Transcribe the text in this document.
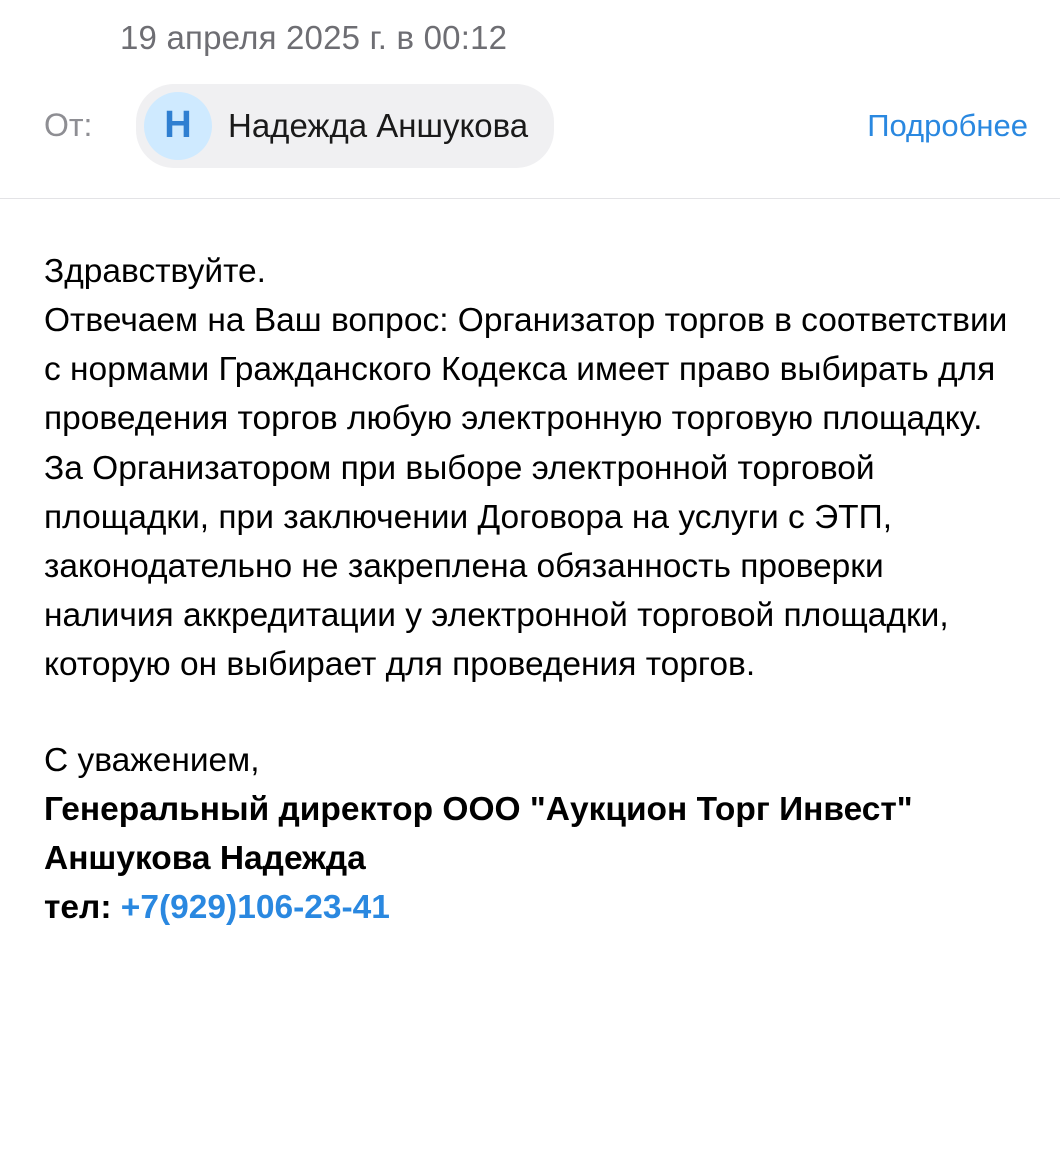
19 апреля 2025 г. в 00:12
От:	Н	Надежда Аншукова	Подробнее

Здравствуйте.

Отвечаем на Ваш вопрос: Организатор торгов в соответствии с нормами Гражданского Кодекса имеет право выбирать для проведения торгов любую электронную торговую площадку. За Организатором при выборе электронной торговой площадки, при заключении Договора на услуги с ЭТП, законодательно не закреплена обязанность проверки наличия аккредитации у электронной торговой площадки, которую он выбирает для проведения торгов.

С уважением,

Генеральный директор ООО "Аукцион Торг Инвест"

Аншукова Надежда

тел: +7(929)106-23-41
